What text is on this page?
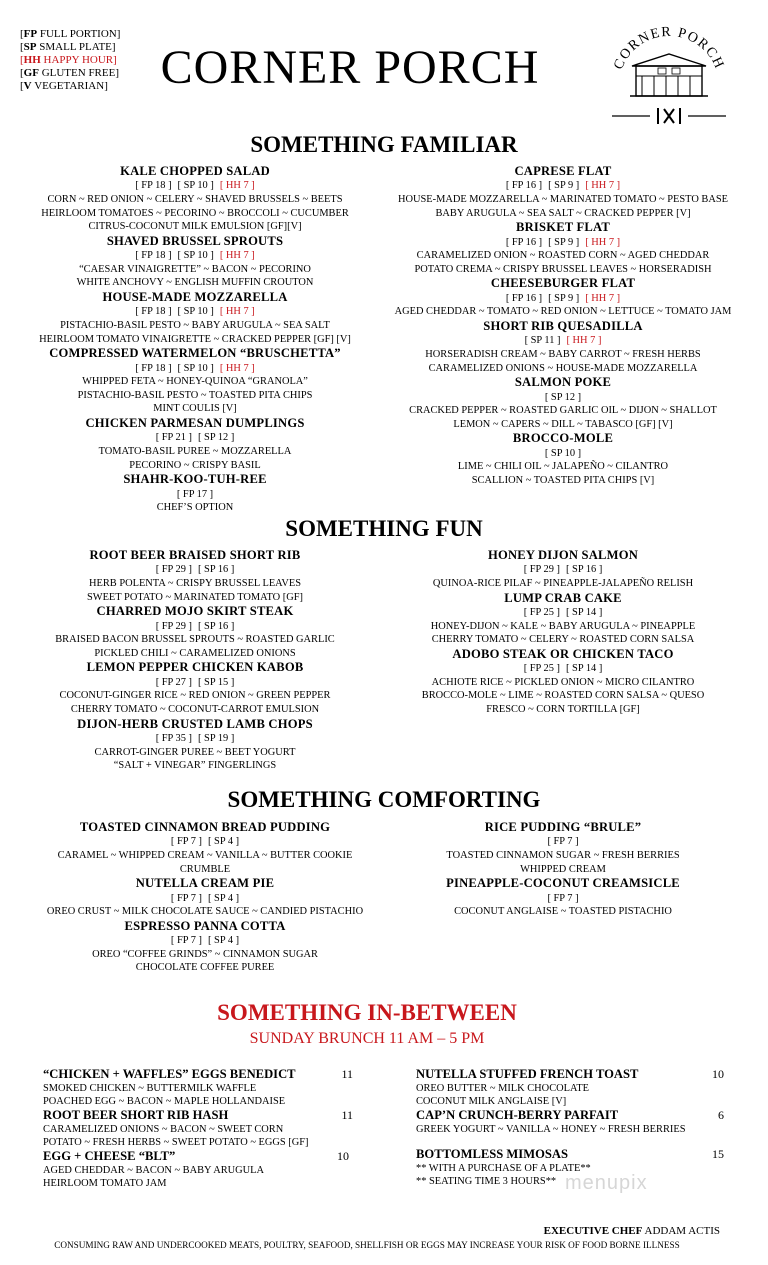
[FP FULL PORTION]
[SP SMALL PLATE]
[HH HAPPY HOUR]
[GF GLUTEN FREE]
[V VEGETARIAN]	CORNER PORCH	CORNER PORCH
SOMETHING FAMILIAR
SOMETHING FUN
SOMETHING COMFORTING
KALE CHOPPED SALAD
[ FP 18 ] [ SP 10 ] [ HH 7 ]
CORN ~ RED ONION ~ CELERY ~ SHAVED BRUSSELS ~ BEETS
HEIRLOOM TOMATOES ~ PECORINO ~ BROCCOLI ~ CUCUMBER
CITRUS-COCONUT MILK EMULSION [GF][V]
SHAVED BRUSSEL SPROUTS
[ FP 18 ] [ SP 10 ] [ HH 7 ]
“CAESAR VINAIGRETTE” ~ BACON ~ PECORINO
WHITE ANCHOVY ~ ENGLISH MUFFIN CROUTON
HOUSE-MADE MOZZARELLA
[ FP 18 ] [ SP 10 ] [ HH 7 ]
PISTACHIO-BASIL PESTO ~ BABY ARUGULA ~ SEA SALT
HEIRLOOM TOMATO VINAIGRETTE ~ CRACKED PEPPER [GF] [V]
COMPRESSED WATERMELON “BRUSCHETTA”
[ FP 18 ] [ SP 10 ] [ HH 7 ]
WHIPPED FETA ~ HONEY-QUINOA “GRANOLA”
PISTACHIO-BASIL PESTO ~ TOASTED PITA CHIPS
MINT COULIS [V]
CHICKEN PARMESAN DUMPLINGS
[ FP 21 ] [ SP 12 ]
TOMATO-BASIL PUREE ~ MOZZARELLA
PECORINO ~ CRISPY BASIL
SHAHR-KOO-TUH-REE
[ FP 17 ]
CHEF’S OPTION
CAPRESE FLAT
[ FP 16 ] [ SP 9 ] [ HH 7 ]
HOUSE-MADE MOZZARELLA ~ MARINATED TOMATO ~ PESTO BASE
BABY ARUGULA ~ SEA SALT ~ CRACKED PEPPER [V]
BRISKET FLAT
[ FP 16 ] [ SP 9 ] [ HH 7 ]
CARAMELIZED ONION ~ ROASTED CORN ~ AGED CHEDDAR
POTATO CREMA ~ CRISPY BRUSSEL LEAVES ~ HORSERADISH
CHEESEBURGER FLAT
[ FP 16 ] [ SP 9 ] [ HH 7 ]
AGED CHEDDAR ~ TOMATO ~ RED ONION ~ LETTUCE ~ TOMATO JAM
SHORT RIB QUESADILLA
[ SP 11 ] [ HH 7 ]
HORSERADISH CREAM ~ BABY CARROT ~ FRESH HERBS
CARAMELIZED ONIONS ~ HOUSE-MADE MOZZARELLA
SALMON POKE
[ SP 12 ]
CRACKED PEPPER ~ ROASTED GARLIC OIL ~ DIJON ~ SHALLOT
LEMON ~ CAPERS ~ DILL ~ TABASCO [GF] [V]
BROCCO-MOLE
[ SP 10 ]
LIME ~ CHILI OIL ~ JALAPEÑO ~ CILANTRO
SCALLION ~ TOASTED PITA CHIPS [V]
ROOT BEER BRAISED SHORT RIB
[ FP 29 ] [ SP 16 ]
HERB POLENTA ~ CRISPY BRUSSEL LEAVES
SWEET POTATO ~ MARINATED TOMATO [GF]
CHARRED MOJO SKIRT STEAK
[ FP 29 ] [ SP 16 ]
BRAISED BACON BRUSSEL SPROUTS ~ ROASTED GARLIC
PICKLED CHILI ~ CARAMELIZED ONIONS
LEMON PEPPER CHICKEN KABOB
[ FP 27 ] [ SP 15 ]
COCONUT-GINGER RICE ~ RED ONION ~ GREEN PEPPER
CHERRY TOMATO ~ COCONUT-CARROT EMULSION
DIJON-HERB CRUSTED LAMB CHOPS
[ FP 35 ] [ SP 19 ]
CARROT-GINGER PUREE ~ BEET YOGURT
“SALT + VINEGAR” FINGERLINGS
HONEY DIJON SALMON
[ FP 29 ] [ SP 16 ]
QUINOA-RICE PILAF ~ PINEAPPLE-JALAPEÑO RELISH
LUMP CRAB CAKE
[ FP 25 ] [ SP 14 ]
HONEY-DIJON ~ KALE ~ BABY ARUGULA ~ PINEAPPLE
CHERRY TOMATO ~ CELERY ~ ROASTED CORN SALSA
ADOBO STEAK OR CHICKEN TACO
[ FP 25 ] [ SP 14 ]
ACHIOTE RICE ~ PICKLED ONION ~ MICRO CILANTRO
BROCCO-MOLE ~ LIME ~ ROASTED CORN SALSA ~ QUESO
FRESCO ~ CORN TORTILLA [GF]
TOASTED CINNAMON BREAD PUDDING
[ FP 7 ] [ SP 4 ]
CARAMEL ~ WHIPPED CREAM ~ VANILLA ~ BUTTER COOKIE
CRUMBLE
NUTELLA CREAM PIE
[ FP 7 ] [ SP 4 ]
OREO CRUST ~ MILK CHOCOLATE SAUCE ~ CANDIED PISTACHIO
ESPRESSO PANNA COTTA
[ FP 7 ] [ SP 4 ]
OREO “COFFEE GRINDS” ~ CINNAMON SUGAR
CHOCOLATE COFFEE PUREE
RICE PUDDING “BRULE”
[ FP 7 ]
TOASTED CINNAMON SUGAR ~ FRESH BERRIES
WHIPPED CREAM
PINEAPPLE-COCONUT CREAMSICLE
[ FP 7 ]
COCONUT ANGLAISE ~ TOASTED PISTACHIO
SOMETHING IN-BETWEEN
SUNDAY BRUNCH 11 AM – 5 PM
“CHICKEN + WAFFLES” EGGS BENEDICT	11
SMOKED CHICKEN ~ BUTTERMILK WAFFLE
POACHED EGG ~ BACON ~ MAPLE HOLLANDAISE
ROOT BEER SHORT RIB HASH	11
CARAMELIZED ONIONS ~ BACON ~ SWEET CORN
POTATO ~ FRESH HERBS ~ SWEET POTATO ~ EGGS [GF]
EGG + CHEESE “BLT”	10
AGED CHEDDAR ~ BACON ~ BABY ARUGULA
HEIRLOOM TOMATO JAM
NUTELLA STUFFED FRENCH TOAST	10
OREO BUTTER ~ MILK CHOCOLATE
COCONUT MILK ANGLAISE [V]
CAP’N CRUNCH-BERRY PARFAIT	6
GREEK YOGURT ~ VANILLA ~ HONEY ~ FRESH BERRIES
BOTTOMLESS MIMOSAS	15
** WITH A PURCHASE OF A PLATE**
** SEATING TIME 3 HOURS** menupix
EXECUTIVE CHEF ADDAM ACTIS
CONSUMING RAW AND UNDERCOOKED MEATS, POULTRY, SEAFOOD, SHELLFISH OR EGGS MAY INCREASE YOUR RISK OF FOOD BORNE ILLNESS
